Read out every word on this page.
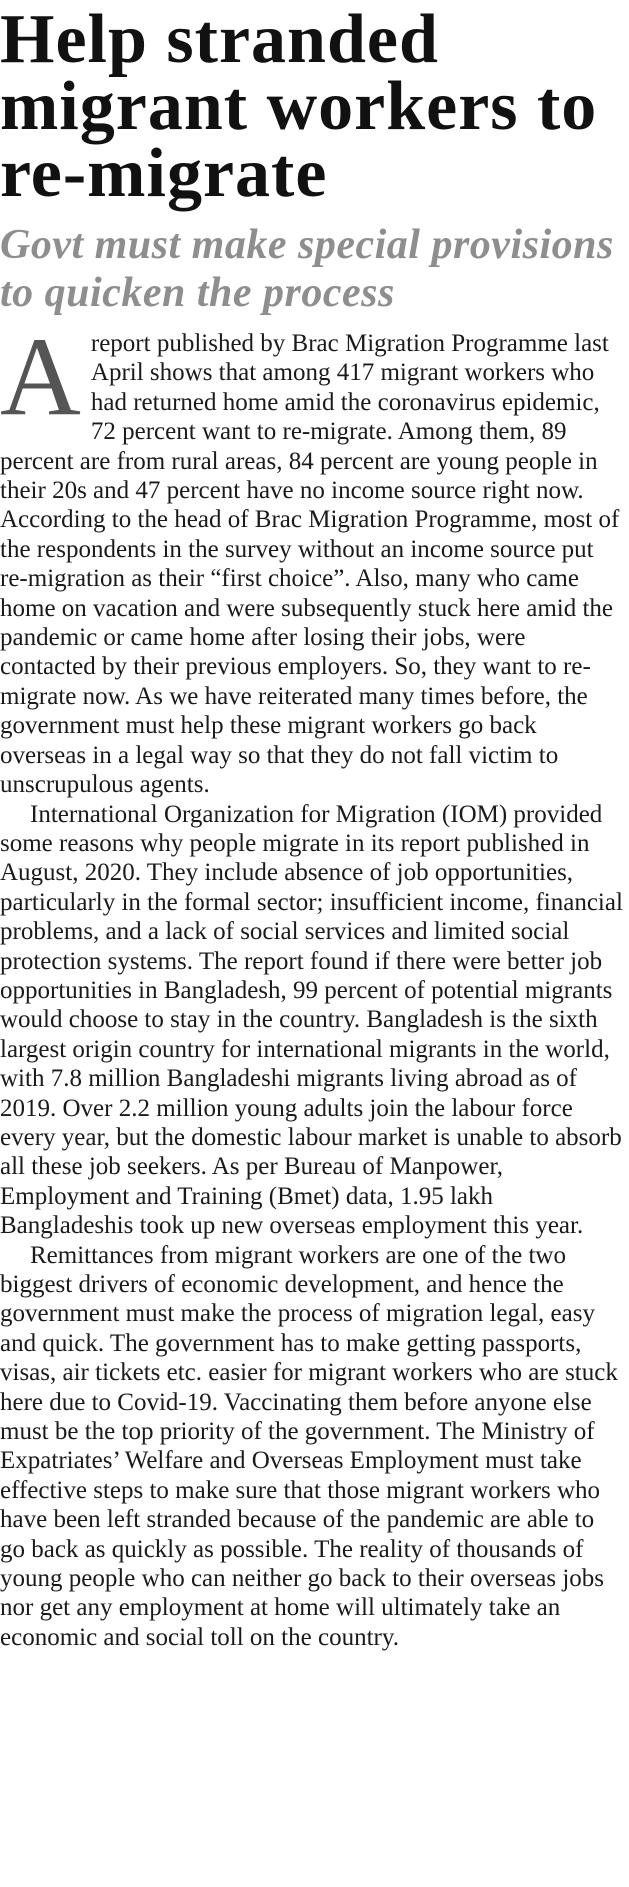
Help stranded migrant workers to re-migrate
Govt must make special provisions to quicken the process

A report published by Brac Migration Programme last April shows that among 417 migrant workers who had returned home amid the coronavirus epidemic, 72 percent want to re-migrate. Among them, 89 percent are from rural areas, 84 percent are young people in their 20s and 47 percent have no income source right now. According to the head of Brac Migration Programme, most of the respondents in the survey without an income source put re-migration as their “first choice”. Also, many who came home on vacation and were subsequently stuck here amid the pandemic or came home after losing their jobs, were contacted by their previous employers. So, they want to re-migrate now. As we have reiterated many times before, the government must help these migrant workers go back overseas in a legal way so that they do not fall victim to unscrupulous agents.

International Organization for Migration (IOM) provided some reasons why people migrate in its report published in August, 2020. They include absence of job opportunities, particularly in the formal sector; insufficient income, financial problems, and a lack of social services and limited social protection systems. The report found if there were better job opportunities in Bangladesh, 99 percent of potential migrants would choose to stay in the country. Bangladesh is the sixth largest origin country for international migrants in the world, with 7.8 million Bangladeshi migrants living abroad as of 2019. Over 2.2 million young adults join the labour force every year, but the domestic labour market is unable to absorb all these job seekers. As per Bureau of Manpower, Employment and Training (Bmet) data, 1.95 lakh Bangladeshis took up new overseas employment this year.

Remittances from migrant workers are one of the two biggest drivers of economic development, and hence the government must make the process of migration legal, easy and quick. The government has to make getting passports, visas, air tickets etc. easier for migrant workers who are stuck here due to Covid-19. Vaccinating them before anyone else must be the top priority of the government. The Ministry of Expatriates’ Welfare and Overseas Employment must take effective steps to make sure that those migrant workers who have been left stranded because of the pandemic are able to go back as quickly as possible. The reality of thousands of young people who can neither go back to their overseas jobs nor get any employment at home will ultimately take an economic and social toll on the country.
